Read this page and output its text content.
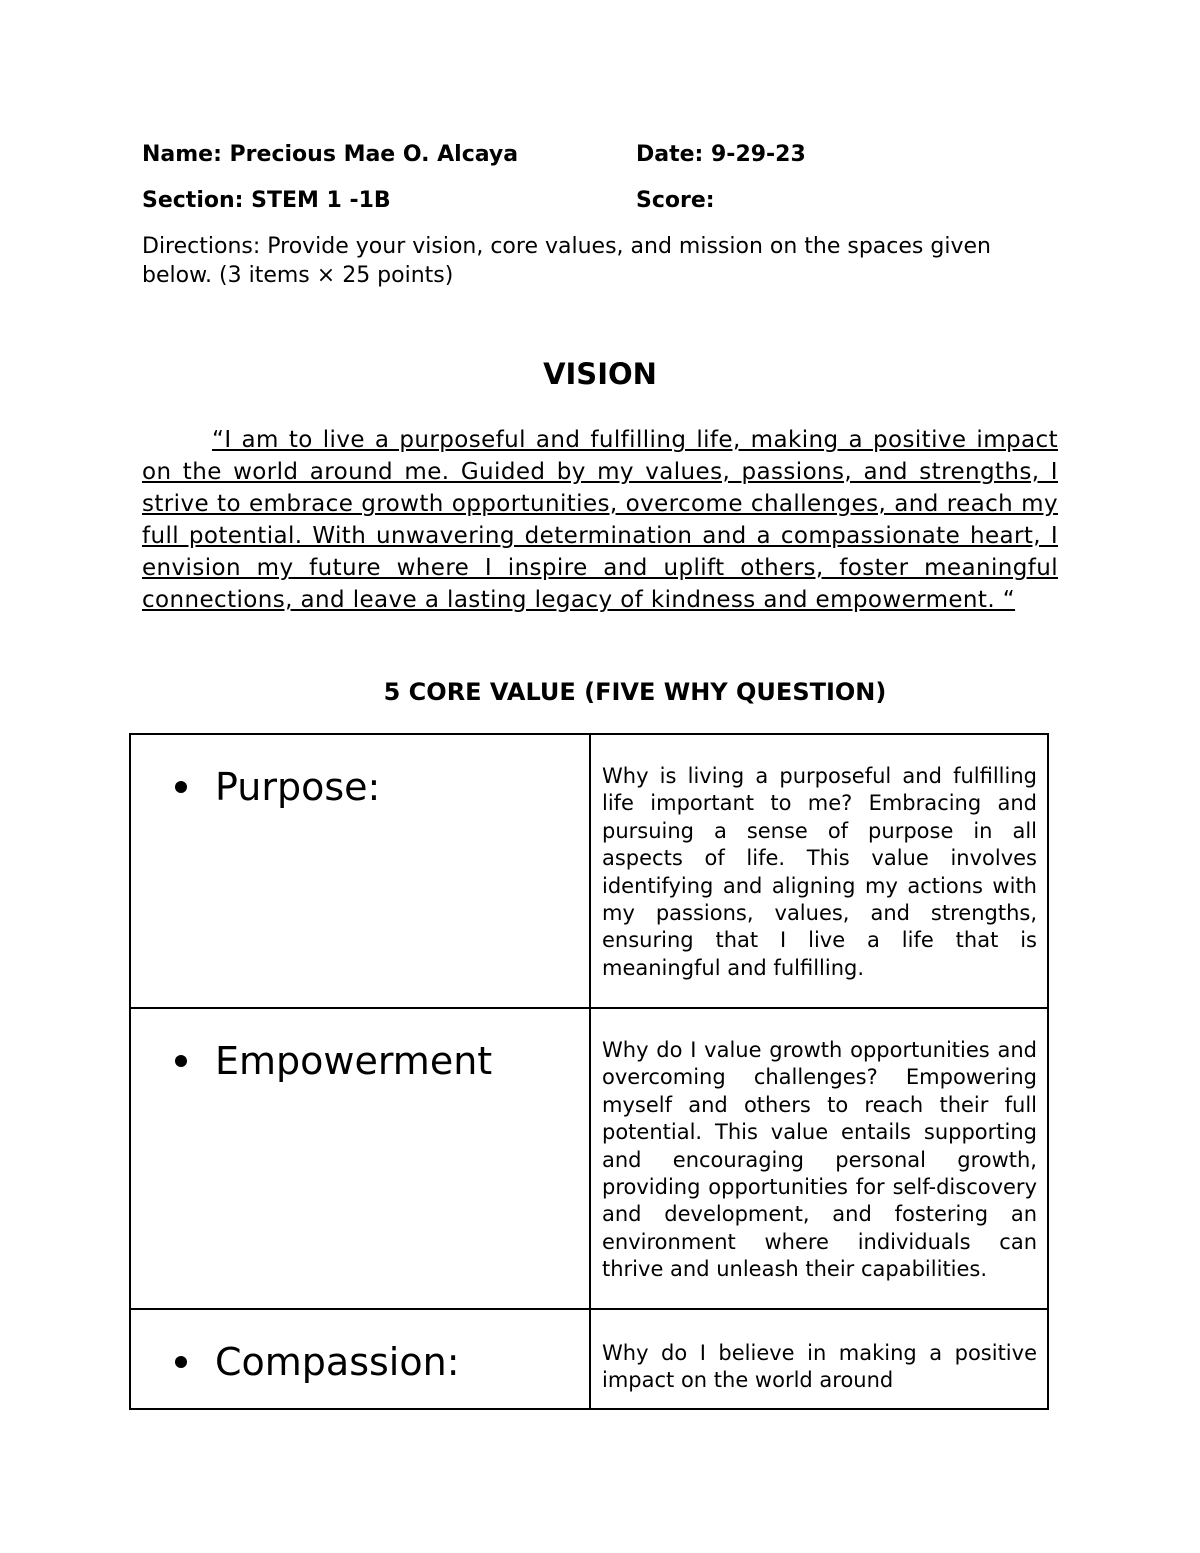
Name: Precious Mae O. Alcaya	Date: 9-29-23
Section: STEM 1 -1B	Score:
Directions: Provide your vision, core values, and mission on the spaces given below. (3 items × 25 points)
VISION
“I am to live a purposeful and fulfilling life, making a positive impact on the world around me. Guided by my values, passions, and strengths, I strive to embrace growth opportunities, overcome challenges, and reach my full potential. With unwavering determination and a compassionate heart, I envision my future where I inspire and uplift others, foster meaningful connections, and leave a lasting legacy of kindness and empowerment. “
5 CORE VALUE (FIVE WHY QUESTION)
Purpose:	Why is living a purposeful and fulfilling life important to me? Embracing and pursuing a sense of purpose in all aspects of life. This value involves identifying and aligning my actions with my passions, values, and strengths, ensuring that I live a life that is meaningful and fulfilling.

Empowerment	Why do I value growth opportunities and overcoming challenges? Empowering myself and others to reach their full potential. This value entails supporting and encouraging personal growth, providing opportunities for self-discovery and development, and fostering an environment where individuals can thrive and unleash their capabilities.

Compassion:	Why do I believe in making a positive impact on the world around
